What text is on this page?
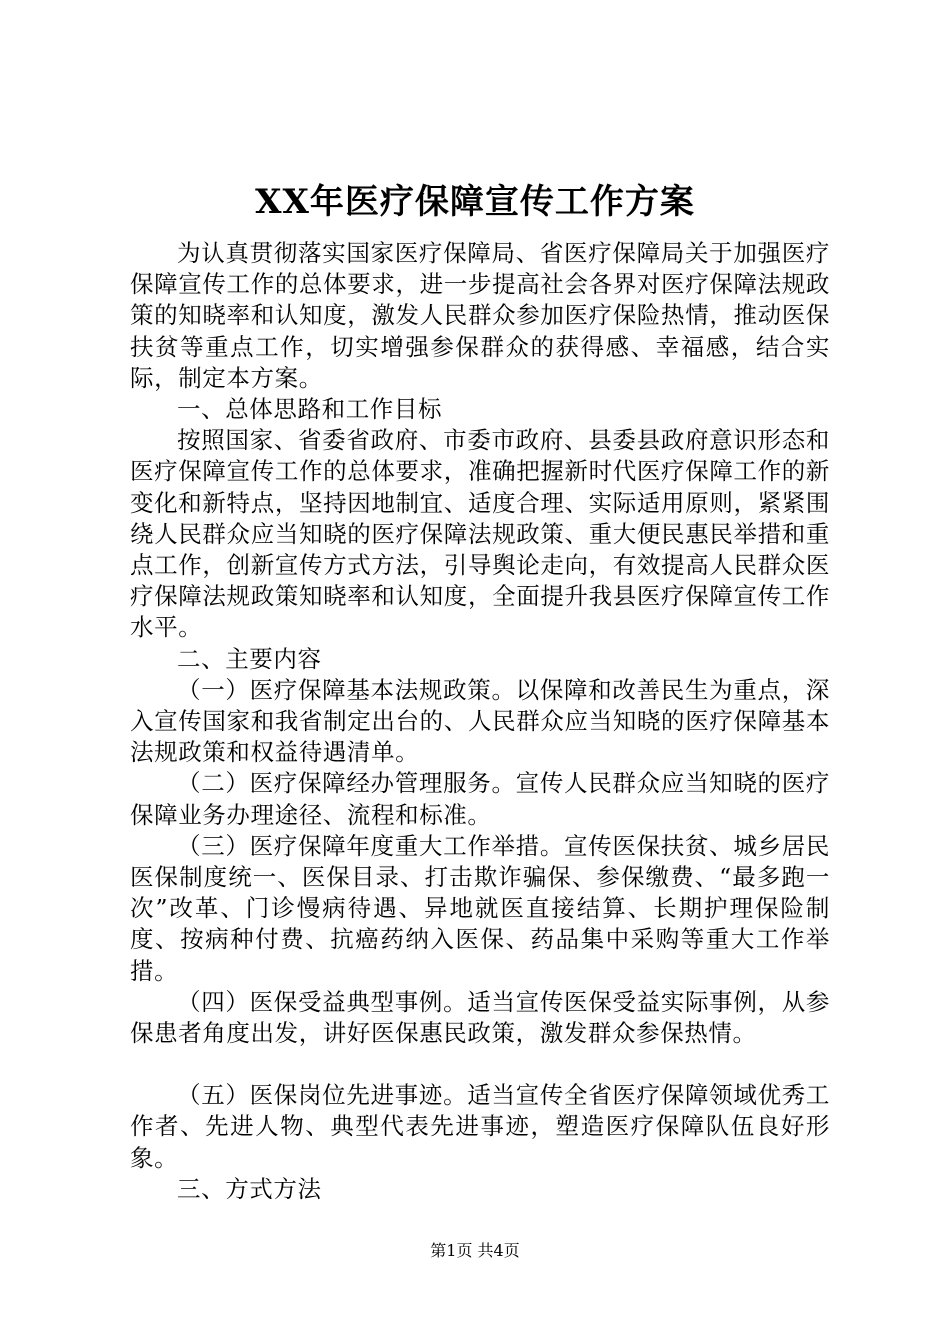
XX年医疗保障宣传工作方案

为认真贯彻落实国家医疗保障局、省医疗保障局关于加强医疗保障宣传工作的总体要求，进一步提高社会各界对医疗保障法规政策的知晓率和认知度，激发人民群众参加医疗保险热情，推动医保扶贫等重点工作，切实增强参保群众的获得感、幸福感，结合实际，制定本方案。

一、总体思路和工作目标

按照国家、省委省政府、市委市政府、县委县政府意识形态和医疗保障宣传工作的总体要求，准确把握新时代医疗保障工作的新变化和新特点，坚持因地制宜、适度合理、实际适用原则，紧紧围绕人民群众应当知晓的医疗保障法规政策、重大便民惠民举措和重点工作，创新宣传方式方法，引导舆论走向，有效提高人民群众医疗保障法规政策知晓率和认知度，全面提升我县医疗保障宣传工作水平。

二、主要内容

（一）医疗保障基本法规政策。以保障和改善民生为重点，深入宣传国家和我省制定出台的、人民群众应当知晓的医疗保障基本法规政策和权益待遇清单。

（二）医疗保障经办管理服务。宣传人民群众应当知晓的医疗保障业务办理途径、流程和标准。

（三）医疗保障年度重大工作举措。宣传医保扶贫、城乡居民医保制度统一、医保目录、打击欺诈骗保、参保缴费、“最多跑一次”改革、门诊慢病待遇、异地就医直接结算、长期护理保险制度、按病种付费、抗癌药纳入医保、药品集中采购等重大工作举措。

（四）医保受益典型事例。适当宣传医保受益实际事例，从参保患者角度出发，讲好医保惠民政策，激发群众参保热情。

（五）医保岗位先进事迹。适当宣传全省医疗保障领域优秀工作者、先进人物、典型代表先进事迹，塑造医疗保障队伍良好形象。

三、方式方法

第1页 共4页
